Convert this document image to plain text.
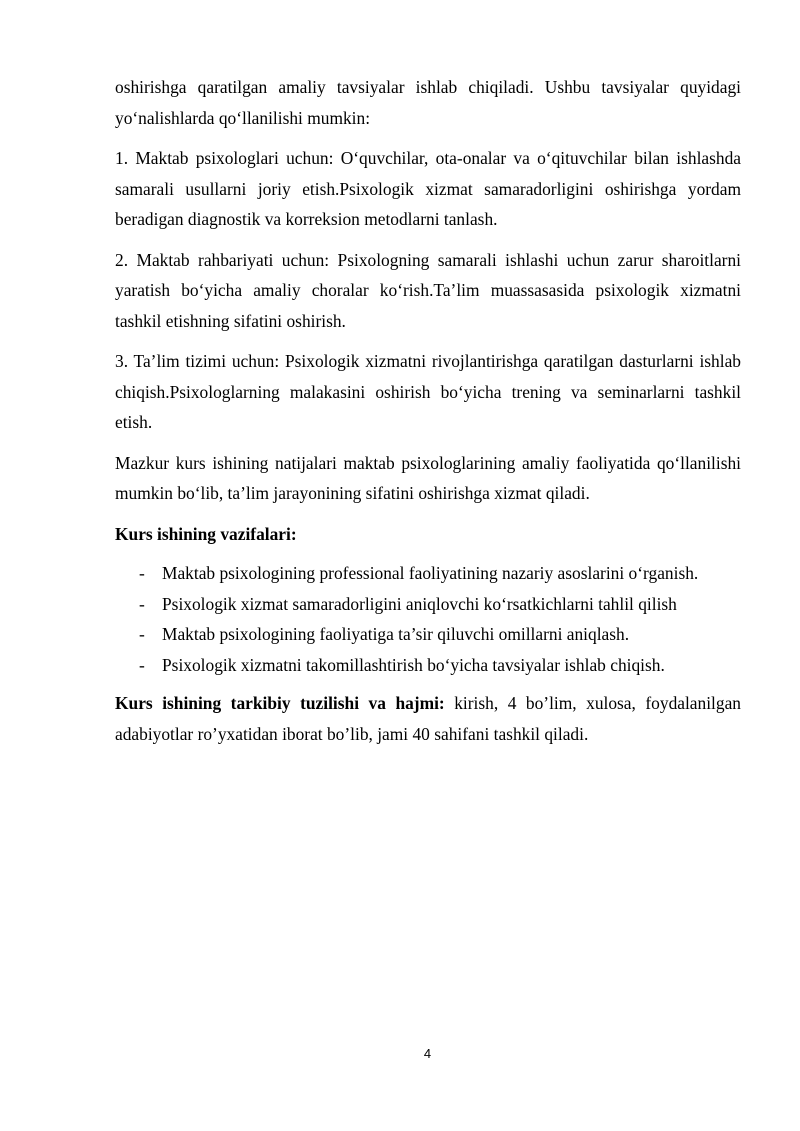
oshirishga qaratilgan amaliy tavsiyalar ishlab chiqiladi. Ushbu tavsiyalar quyidagi yo‘nalishlarda qo‘llanilishi mumkin:

1. Maktab psixologlari uchun: O‘quvchilar, ota-onalar va o‘qituvchilar bilan ishlashda samarali usullarni joriy etish.Psixologik xizmat samaradorligini oshirishga yordam beradigan diagnostik va korreksion metodlarni tanlash.

2. Maktab rahbariyati uchun: Psixologning samarali ishlashi uchun zarur sharoitlarni yaratish bo‘yicha amaliy choralar ko‘rish.Ta’lim muassasasida psixologik xizmatni tashkil etishning sifatini oshirish.

3. Ta’lim tizimi uchun: Psixologik xizmatni rivojlantirishga qaratilgan dasturlarni ishlab chiqish.Psixologlarning malakasini oshirish bo‘yicha trening va seminarlarni tashkil etish.

Mazkur kurs ishining natijalari maktab psixologlarining amaliy faoliyatida qo‘llanilishi mumkin bo‘lib, ta’lim jarayonining sifatini oshirishga xizmat qiladi.

Kurs ishining vazifalari:

- Maktab psixologining professional faoliyatining nazariy asoslarini o‘rganish.
- Psixologik xizmat samaradorligini aniqlovchi ko‘rsatkichlarni tahlil qilish
- Maktab psixologining faoliyatiga ta’sir qiluvchi omillarni aniqlash.
- Psixologik xizmatni takomillashtirish bo‘yicha tavsiyalar ishlab chiqish.

Kurs ishining tarkibiy tuzilishi va hajmi: kirish, 4 bo’lim, xulosa, foydalanilgan adabiyotlar ro’yxatidan iborat bo’lib, jami 40 sahifani tashkil qiladi.

4
